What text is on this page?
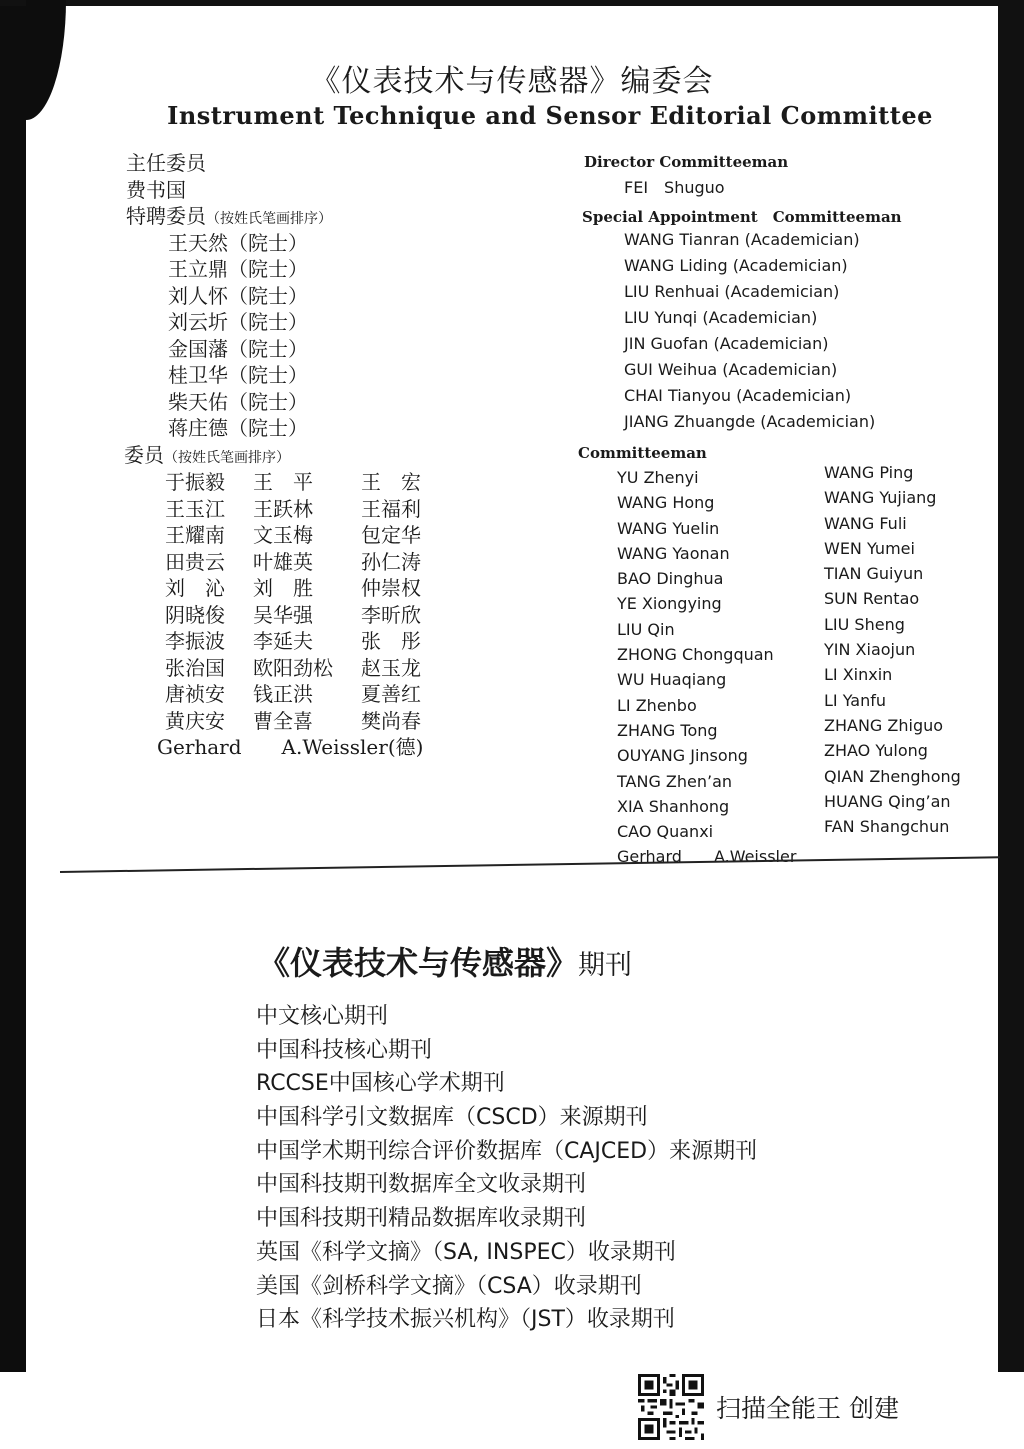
《仪表技术与传感器》编委会
Instrument Technique and Sensor Editorial Committee
主任委员
费书国
特聘委员（按姓氏笔画排序）
王天然（院士）
王立鼎（院士）
刘人怀（院士）
刘云圻（院士）
金国藩（院士）
桂卫华（院士）
柴天佑（院士）
蒋庄德（院士）
委员（按姓氏笔画排序）
于振毅 王　平 王　宏
王玉江 王跃林 王福利
王耀南 文玉梅 包定华
田贵云 叶雄英 孙仁涛
刘　沁 刘　胜 仲崇权
阴晓俊 吴华强 李昕欣
李振波 李延夫 张　彤
张治国 欧阳劲松 赵玉龙
唐祯安 钱正洪 夏善红
黄庆安 曹全喜 樊尚春
Gerhard　　A.Weissler(德)
Director Committeeman
FEI　Shuguo
Special Appointment　Committeeman
WANG Tianran (Academician)
WANG Liding (Academician)
LIU Renhuai (Academician)
LIU Yunqi (Academician)
JIN Guofan (Academician)
GUI Weihua (Academician)
CHAI Tianyou (Academician)
JIANG Zhuangde (Academician)
Committeeman
YU Zhenyi
WANG Hong
WANG Yuelin
WANG Yaonan
BAO Dinghua
YE Xiongying
LIU Qin
ZHONG Chongquan
WU Huaqiang
LI Zhenbo
ZHANG Tong
OUYANG Jinsong
TANG Zhen’an
XIA Shanhong
CAO Quanxi
Gerhard　　A.Weissler
WANG Ping
WANG Yujiang
WANG Fuli
WEN Yumei
TIAN Guiyun
SUN Rentao
LIU Sheng
YIN Xiaojun
LI Xinxin
LI Yanfu
ZHANG Zhiguo
ZHAO Yulong
QIAN Zhenghong
HUANG Qing’an
FAN Shangchun
《仪表技术与传感器》期刊
中文核心期刊
中国科技核心期刊
RCCSE中国核心学术期刊
中国科学引文数据库（CSCD）来源期刊
中国学术期刊综合评价数据库（CAJCED）来源期刊
中国科技期刊数据库全文收录期刊
中国科技期刊精品数据库收录期刊
英国《科学文摘》（SA, INSPEC）收录期刊
美国《剑桥科学文摘》（CSA）收录期刊
日本《科学技术振兴机构》（JST）收录期刊
扫描全能王 创建
